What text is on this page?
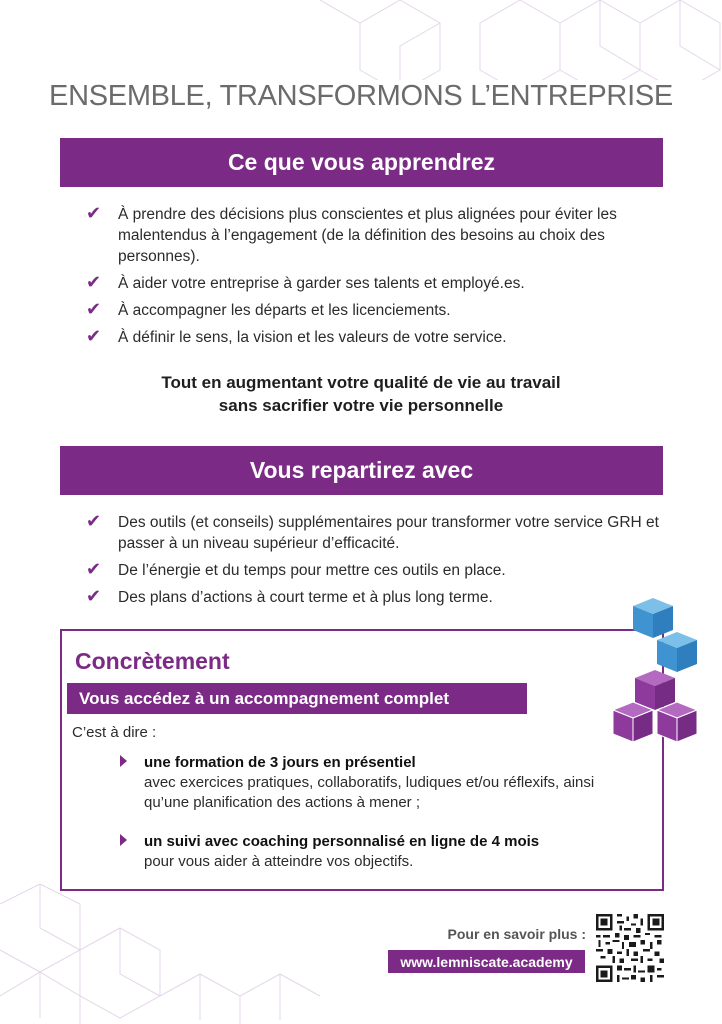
ENSEMBLE, TRANSFORMONS L’ENTREPRISE
Ce que vous apprendrez
✔ À prendre des décisions plus conscientes et plus alignées pour éviter les malentendus à l’engagement (de la définition des besoins au choix des personnes).
✔ À aider votre entreprise à garder ses talents et employé.es.
✔ À accompagner les départs et les licenciements.
✔ À définir le sens, la vision et les valeurs de votre service.
Tout en augmentant votre qualité de vie au travail
sans sacrifier votre vie personnelle
Vous repartirez avec
✔ Des outils (et conseils) supplémentaires pour transformer votre service GRH et passer à un niveau supérieur d’efficacité.
✔ De l’énergie et du temps pour mettre ces outils en place.
✔ Des plans d’actions à court terme et à plus long terme.
Concrètement
Vous accédez à un accompagnement complet
C’est à dire :
une formation de 3 jours en présentiel
avec exercices pratiques, collaboratifs, ludiques et/ou réflexifs, ainsi qu’une planification des actions à mener ;
un suivi avec coaching personnalisé en ligne de 4 mois
pour vous aider à atteindre vos objectifs.
Pour en savoir plus :
www.lemniscate.academy
